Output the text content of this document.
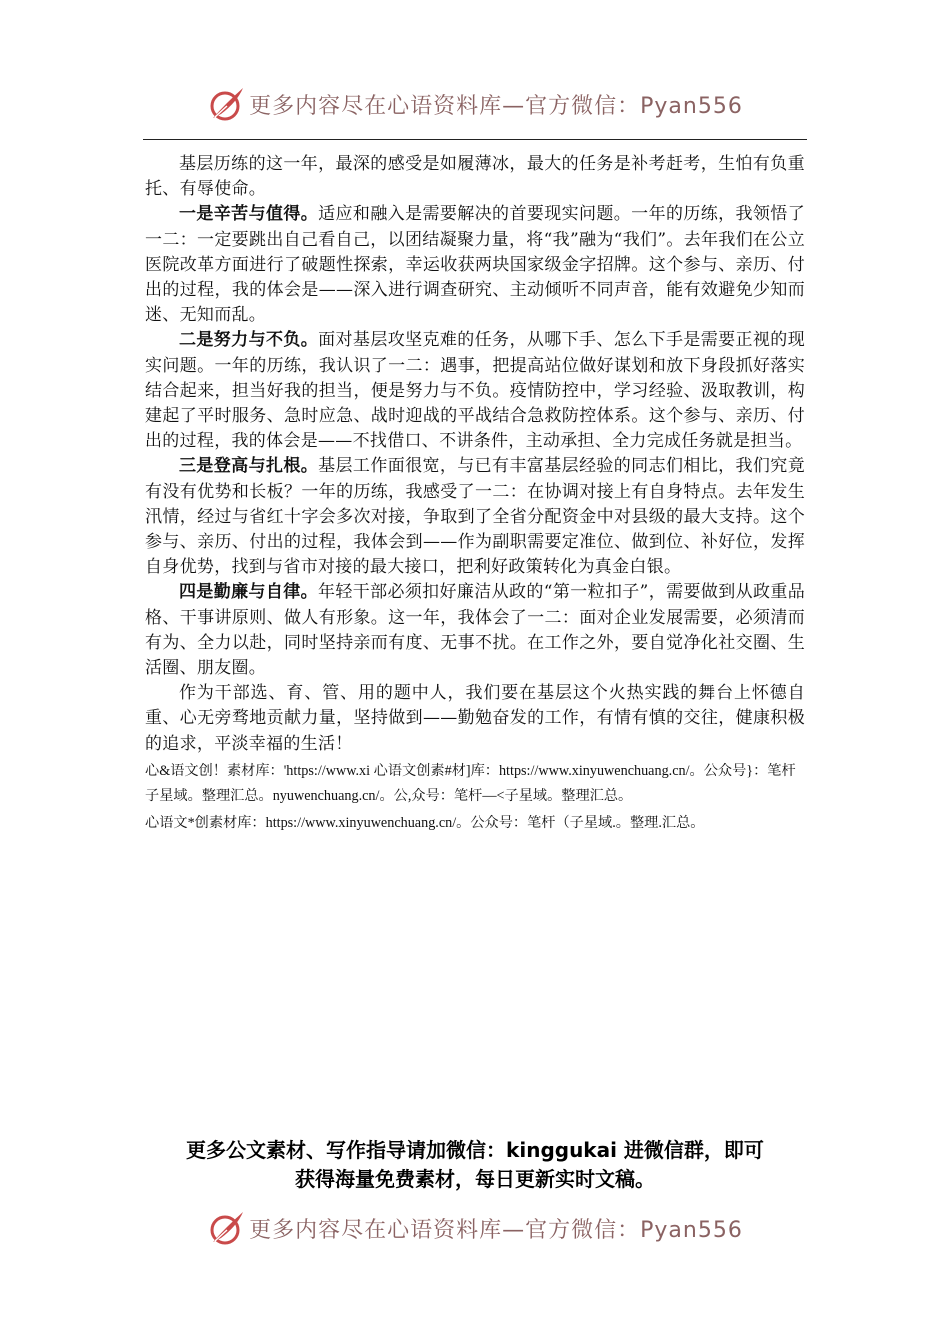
更多内容尽在心语资料库—官方微信：Pyan556

基层历练的这一年，最深的感受是如履薄冰，最大的任务是补考赶考，生怕有负重托、有辱使命。

一是辛苦与值得。适应和融入是需要解决的首要现实问题。一年的历练，我领悟了一二：一定要跳出自己看自己，以团结凝聚力量，将“我”融为“我们”。去年我们在公立医院改革方面进行了破题性探索，幸运收获两块国家级金字招牌。这个参与、亲历、付出的过程，我的体会是——深入进行调查研究、主动倾听不同声音，能有效避免少知而迷、无知而乱。

二是努力与不负。面对基层攻坚克难的任务，从哪下手、怎么下手是需要正视的现实问题。一年的历练，我认识了一二：遇事，把提高站位做好谋划和放下身段抓好落实结合起来，担当好我的担当，便是努力与不负。疫情防控中，学习经验、汲取教训，构建起了平时服务、急时应急、战时迎战的平战结合急救防控体系。这个参与、亲历、付出的过程，我的体会是——不找借口、不讲条件，主动承担、全力完成任务就是担当。

三是登高与扎根。基层工作面很宽，与已有丰富基层经验的同志们相比，我们究竟有没有优势和长板？一年的历练，我感受了一二：在协调对接上有自身特点。去年发生汛情，经过与省红十字会多次对接，争取到了全省分配资金中对县级的最大支持。这个参与、亲历、付出的过程，我体会到——作为副职需要定准位、做到位、补好位，发挥自身优势，找到与省市对接的最大接口，把利好政策转化为真金白银。

四是勤廉与自律。年轻干部必须扣好廉洁从政的“第一粒扣子”，需要做到从政重品格、干事讲原则、做人有形象。这一年，我体会了一二：面对企业发展需要，必须清而有为、全力以赴，同时坚持亲而有度、无事不扰。在工作之外，要自觉净化社交圈、生活圈、朋友圈。

作为干部选、育、管、用的题中人，我们要在基层这个火热实践的舞台上怀德自重、心无旁骛地贡献力量，坚持做到——勤勉奋发的工作，有情有慎的交往，健康积极的追求，平淡幸福的生活！

心&语文创！素材库：'https://www.xi 心语文创素#材]库：https://www.xinyuwenchuang.cn/。公众号}：笔杆子星域。整理汇总。nyuwenchuang.cn/。公,众号：笔杆—<子星域。整理汇总。

心语文*创素材库：https://www.xinyuwenchuang.cn/。公众号：笔杆（子星域.。整理.汇总。

更多公文素材、写作指导请加微信：kinggukai 进微信群，即可
获得海量免费素材，每日更新实时文稿。
更多内容尽在心语资料库—官方微信：Pyan556
